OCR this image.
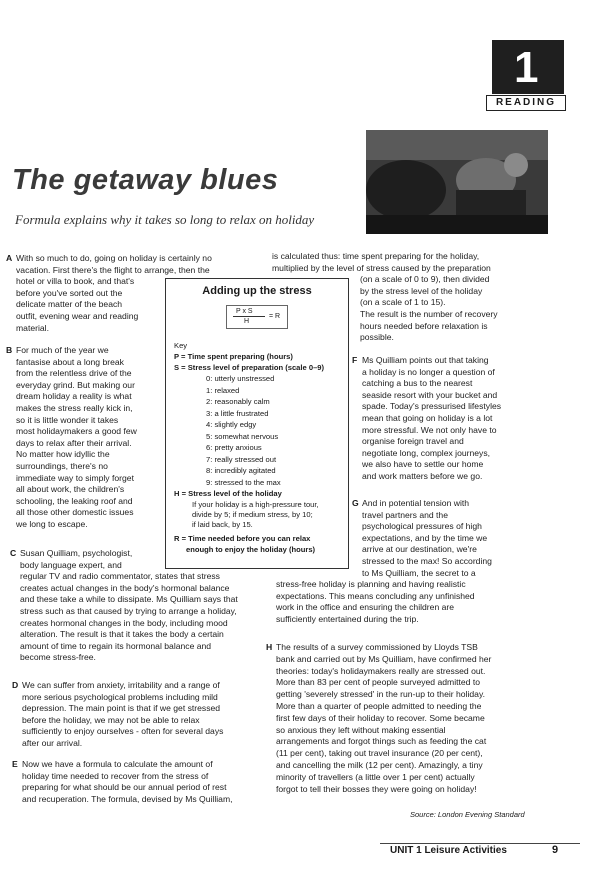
1
READING
The getaway blues
Formula explains why it takes so long to relax on holiday
With so much to do, going on holiday is certainly no
vacation. First there's the flight to arrange, then the
hotel or villa to book, and that's
before you've sorted out the
delicate matter of the beach
outfit, evening wear and reading
material.
For much of the year we
fantasise about a long break
from the relentless drive of the
everyday grind. But making our
dream holiday a reality is what
makes the stress really kick in,
so it is little wonder it takes
most holidaymakers a good few
days to relax after their arrival.
No matter how idyllic the
surroundings, there's no
immediate way to simply forget
all about work, the children's
schooling, the leaking roof and
all those other domestic issues
we long to escape.
Susan Quilliam, psychologist,
body language expert, and
regular TV and radio commentator, states that stress
creates actual changes in the body's hormonal balance
and these take a while to dissipate. Ms Quilliam says that
stress such as that caused by trying to arrange a holiday,
creates hormonal changes in the body, including mood
alteration. The result is that it takes the body a certain
amount of time to regain its hormonal balance and
become stress-free.
We can suffer from anxiety, irritability and a range of
more serious psychological problems including mild
depression. The main point is that if we get stressed
before the holiday, we may not be able to relax
sufficiently to enjoy ourselves - often for several days
after our arrival.
Now we have a formula to calculate the amount of
holiday time needed to recover from the stress of
preparing for what should be our annual period of rest
and recuperation. The formula, devised by Ms Quilliam,
is calculated thus: time spent preparing for the holiday,
multiplied by the level of stress caused by the preparation
(on a scale of 0 to 9), then divided
by the stress level of the holiday
(on a scale of 1 to 15).
The result is the number of recovery
hours needed before relaxation is
possible.
Ms Quilliam points out that taking
a holiday is no longer a question of
catching a bus to the nearest
seaside resort with your bucket and
spade. Today's pressurised lifestyles
mean that going on holiday is a lot
more stressful. We not only have to
organise foreign travel and
negotiate long, complex journeys,
we also have to settle our home
and work matters before we go.
And in potential tension with
travel partners and the
psychological pressures of high
expectations, and by the time we
arrive at our destination, we're
stressed to the max! So according
to Ms Quilliam, the secret to a
stress-free holiday is planning and having realistic
expectations. This means concluding any unfinished
work in the office and ensuring the children are
sufficiently entertained during the trip.
The results of a survey commissioned by Lloyds TSB
bank and carried out by Ms Quilliam, have confirmed her
theories: today's holidaymakers really are stressed out.
More than 83 per cent of people surveyed admitted to
getting 'severely stressed' in the run-up to their holiday.
More than a quarter of people admitted to needing the
first few days of their holiday to recover. Some became
so anxious they left without making essential
arrangements and forgot things such as feeding the cat
(11 per cent), taking out travel insurance (20 per cent),
and cancelling the milk (12 per cent). Amazingly, a tiny
minority of travellers (a little over 1 per cent) actually
forgot to tell their bosses they were going on holiday!
Adding up the stress
P x S
H
= R
Key
P = Time spent preparing (hours)
S = Stress level of preparation (scale 0–9)
0: utterly unstressed
1: relaxed
2: reasonably calm
3: a little frustrated
4: slightly edgy
5: somewhat nervous
6: pretty anxious
7: really stressed out
8: incredibly agitated
9: stressed to the max
H = Stress level of the holiday
If your holiday is a high-pressure tour,
divide by 5; if medium stress, by 10;
if laid back, by 15.
R = Time needed before you can relax
enough to enjoy the holiday (hours)
Source: London Evening Standard
UNIT 1 Leisure Activities	9
A
B
C
D
E
F
G
H
